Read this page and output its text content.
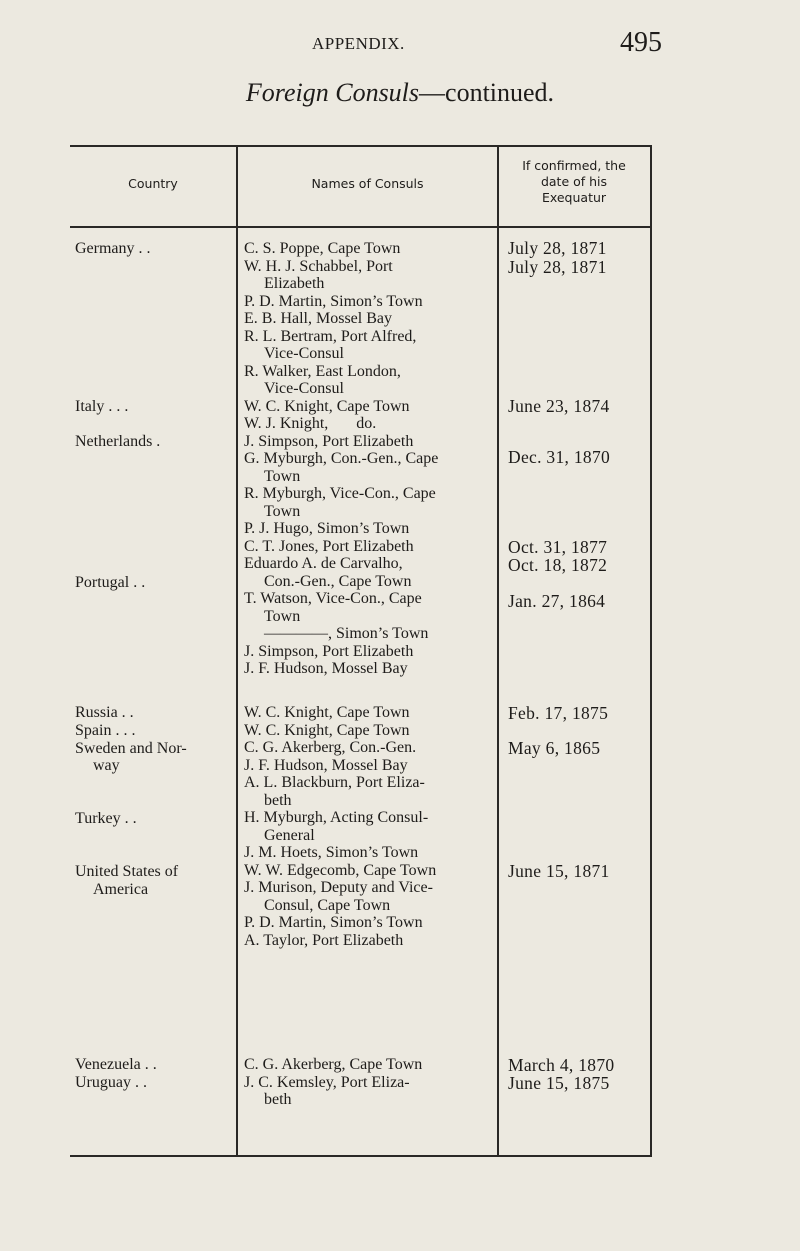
APPENDIX.	495
Foreign Consuls—continued.
Country	Names of Consuls
If confirmed, the date of his Exequatur
Germany . .
Italy . . .
Netherlands .
Portugal . .
Russia . .
Spain . . .
Sweden and Nor-
way
Turkey . .
United States of
America
Venezuela . .
Uruguay . .
C. S. Poppe, Cape Town
W. H. J. Schabbel, Port
Elizabeth
P. D. Martin, Simon’s Town
E. B. Hall, Mossel Bay
R. L. Bertram, Port Alfred,
Vice-Consul
R. Walker, East London,
Vice-Consul
W. C. Knight, Cape Town
W. J. Knight,       do.
J. Simpson, Port Elizabeth
G. Myburgh, Con.-Gen., Cape
Town
R. Myburgh, Vice-Con., Cape
Town
P. J. Hugo, Simon’s Town
C. T. Jones, Port Elizabeth
Eduardo A. de Carvalho,
Con.-Gen., Cape Town
T. Watson, Vice-Con., Cape
Town
————, Simon’s Town
J. Simpson, Port Elizabeth
J. F. Hudson, Mossel Bay
W. C. Knight, Cape Town
W. C. Knight, Cape Town
C. G. Akerberg, Con.-Gen.
J. F. Hudson, Mossel Bay
A. L. Blackburn, Port Eliza-
beth
H. Myburgh, Acting Consul-
General
J. M. Hoets, Simon’s Town
W. W. Edgecomb, Cape Town
J. Murison, Deputy and Vice-
Consul, Cape Town
P. D. Martin, Simon’s Town
A. Taylor, Port Elizabeth
C. G. Akerberg, Cape Town
J. C. Kemsley, Port Eliza-
beth
July 28, 1871
July 28, 1871
June 23, 1874
Dec. 31, 1870
Oct. 31, 1877
Oct. 18, 1872
Jan. 27, 1864
Feb. 17, 1875
May 6, 1865
June 15, 1871
March 4, 1870
June 15, 1875
